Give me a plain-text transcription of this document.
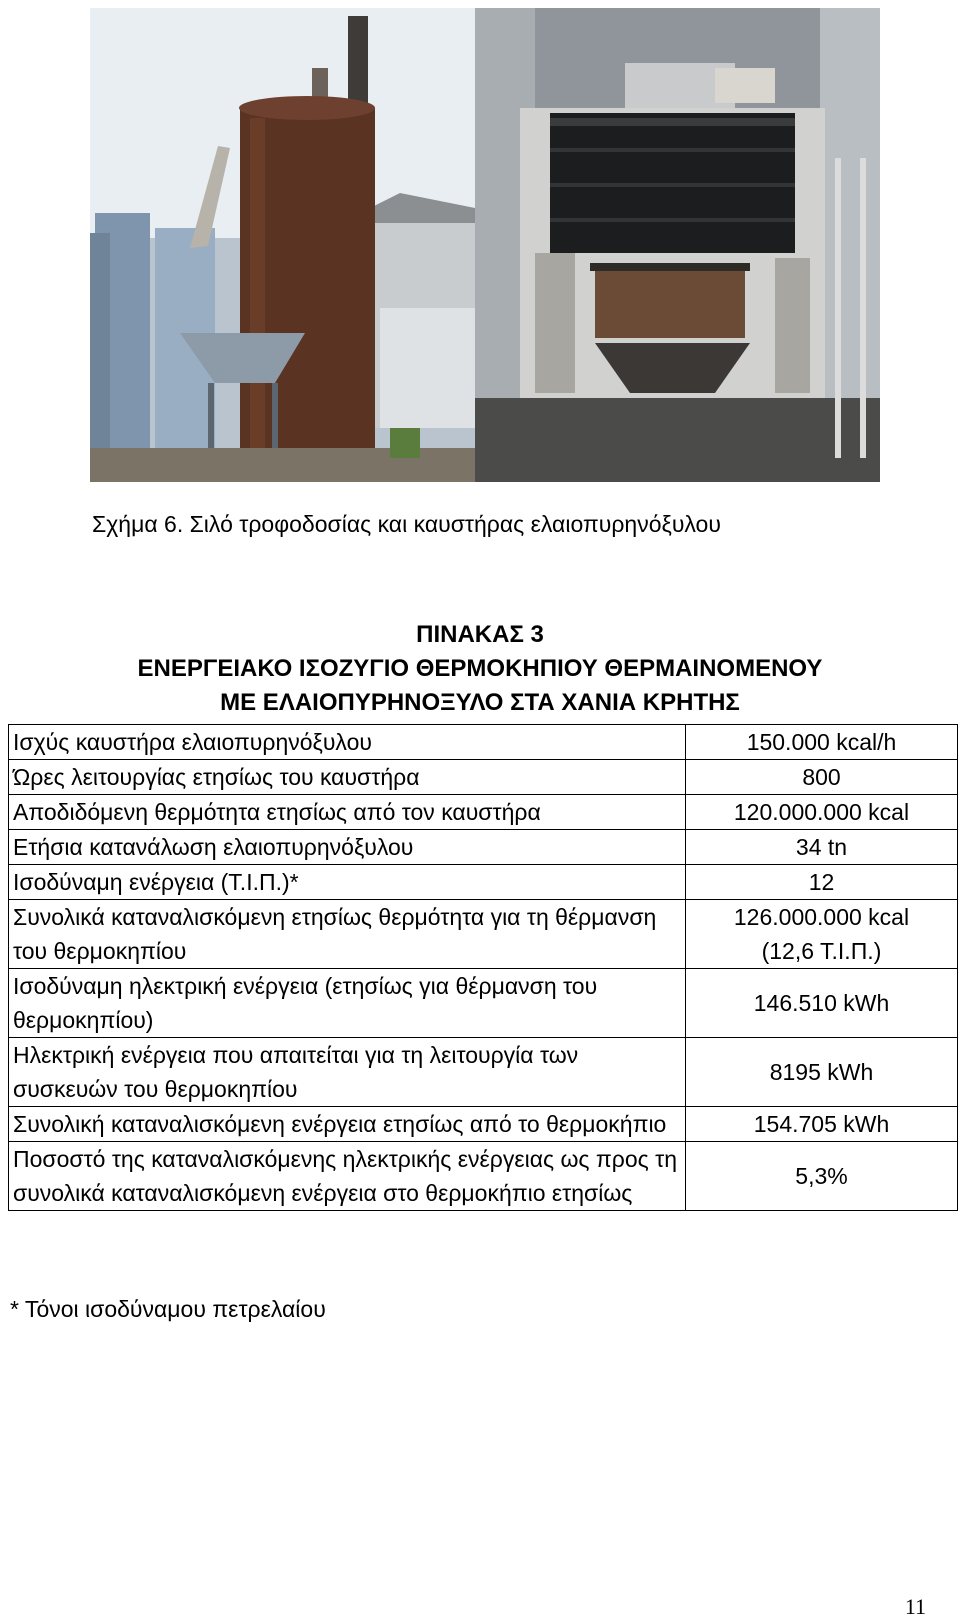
Σχήμα 6. Σιλό τροφοδοσίας και καυστήρας ελαιοπυρηνόξυλου
ΠΙΝΑΚΑΣ 3
ΕΝΕΡΓΕΙΑΚΟ ΙΣΟΖΥΓΙΟ ΘΕΡΜΟΚΗΠΙΟΥ ΘΕΡΜΑΙΝΟΜΕΝΟΥ
ΜΕ ΕΛΑΙΟΠΥΡΗΝΟΞΥΛΟ ΣΤΑ ΧΑΝΙΑ ΚΡΗΤΗΣ
Ισχύς καυστήρα ελαιοπυρηνόξυλου	150.000 kcal/h
Ώρες λειτουργίας ετησίως του καυστήρα	800
Αποδιδόμενη θερμότητα ετησίως από τον καυστήρα	120.000.000 kcal
Ετήσια κατανάλωση ελαιοπυρηνόξυλου	34 tn
Ισοδύναμη ενέργεια (Τ.Ι.Π.)*	12
Συνολικά καταναλισκόμενη ετησίως θερμότητα για τη θέρμανση του θερμοκηπίου	126.000.000 kcal
(12,6 Τ.Ι.Π.)

Ισοδύναμη ηλεκτρική ενέργεια (ετησίως για θέρμανση του θερμοκηπίου)	146.510 kWh
Ηλεκτρική ενέργεια που απαιτείται για τη λειτουργία των συσκευών του θερμοκηπίου	8195 kWh
Συνολική καταναλισκόμενη ενέργεια ετησίως από το θερμοκήπιο	154.705 kWh
Ποσοστό της καταναλισκόμενης ηλεκτρικής ενέργειας ως προς τη συνολικά καταναλισκόμενη ενέργεια στο θερμοκήπιο ετησίως	5,3%
* Τόνοι ισοδύναμου πετρελαίου
11
